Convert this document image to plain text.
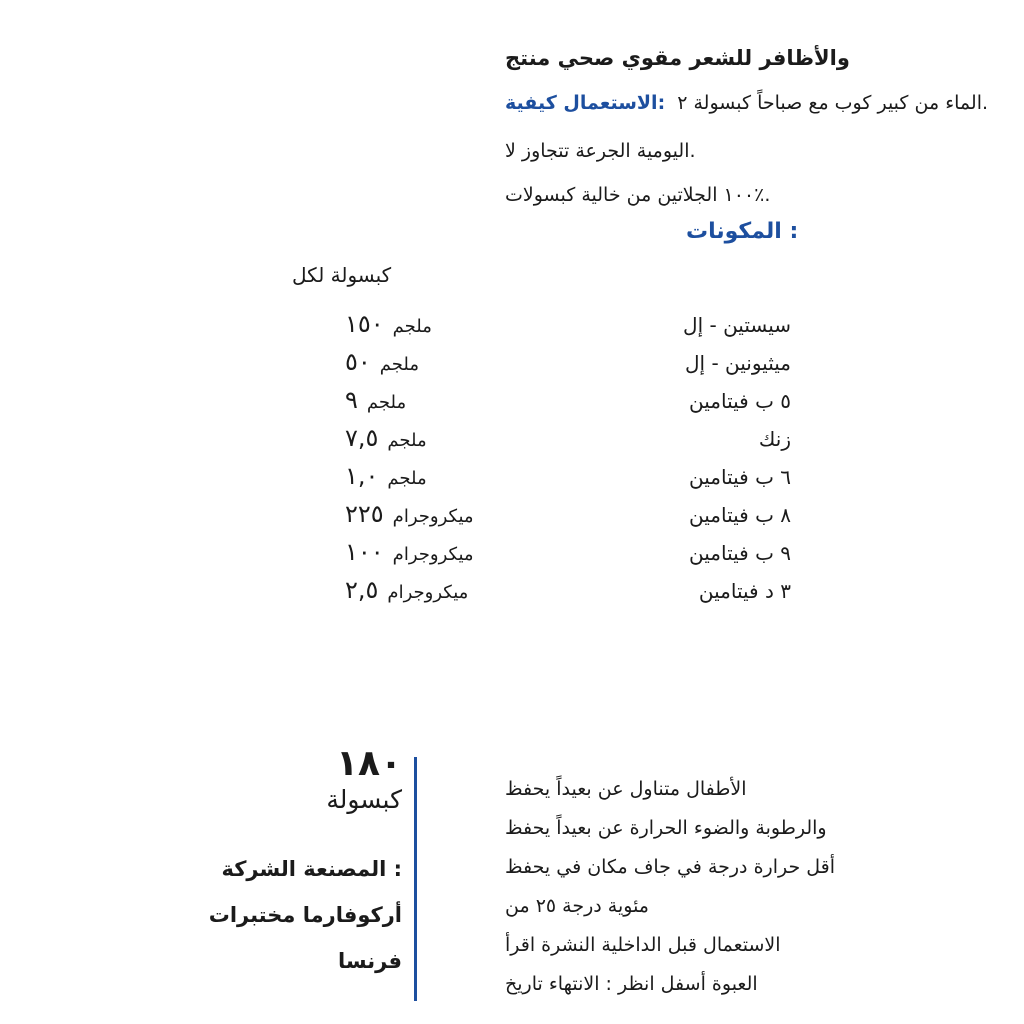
منتج صحي مقوي للشعر والأظافر
كيفية الاستعمال: ٢ كبسولة صباحاً مع كوب كبير من الماء.
لا تتجاوز الجرعة اليومية.
كبسولات خالية من الجلاتين ١٠٠٪.
المكونات :
لكل كبسولة
١٥٠ ملجم	إل - سيستين
٥٠ ملجم	إل - ميثيونين
٩ ملجم	فيتامين ب ٥
٧,٥ ملجم	زنك
١,٠ ملجم	فيتامين ب ٦
٢٢٥ ميكروجرام	فيتامين ب ٨
١٠٠ ميكروجرام	فيتامين ب ٩
٢,٥ ميكروجرام	فيتامين د ٣
١٨٠
كبسولة
الشركة المصنعة :
مختبرات أركوفارما
فرنسا
يحفظ بعيداً عن متناول الأطفال
يحفظ بعيداً عن الحرارة والضوء والرطوبة
يحفظ في مكان جاف في درجة حرارة أقل
من ٢٥ درجة مئوية
اقرأ النشرة الداخلية قبل الاستعمال
تاريخ الانتهاء : انظر أسفل العبوة
